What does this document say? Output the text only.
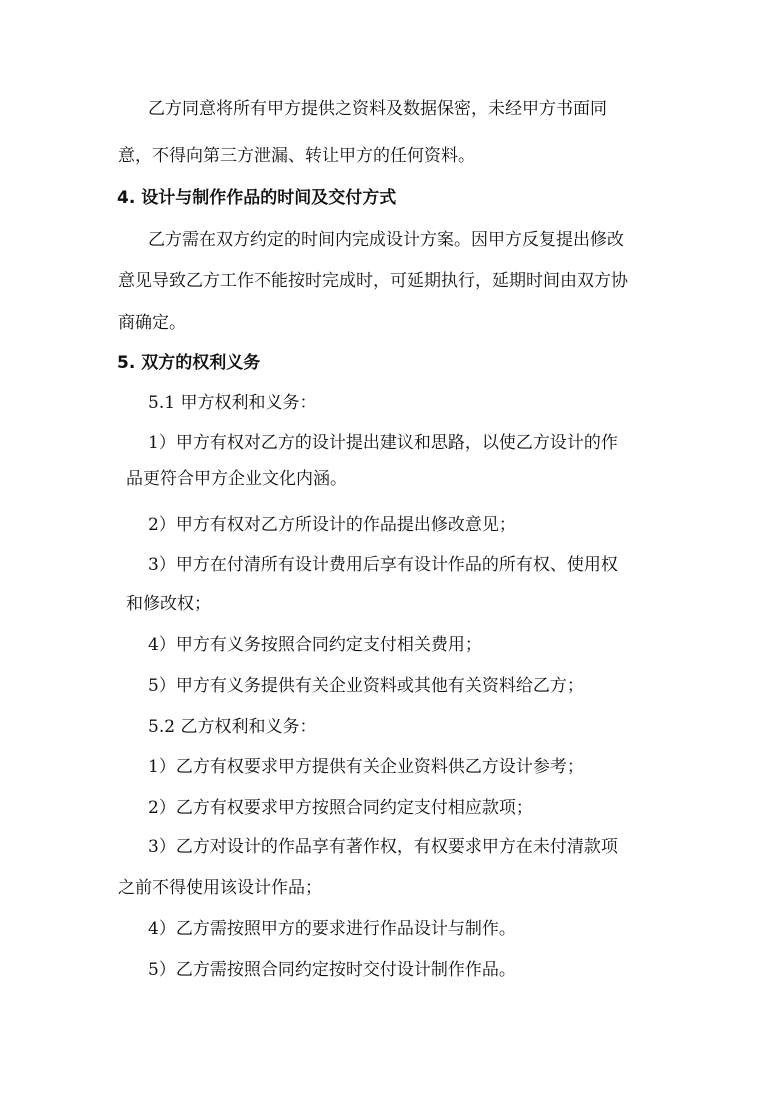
乙方同意将所有甲方提供之资料及数据保密，未经甲方书面同
意，不得向第三方泄漏、转让甲方的任何资料。
4. 设计与制作作品的时间及交付方式
乙方需在双方约定的时间内完成设计方案。因甲方反复提出修改
意见导致乙方工作不能按时完成时，可延期执行，延期时间由双方协
商确定。
5. 双方的权利义务
5.1 甲方权利和义务：
1）甲方有权对乙方的设计提出建议和思路，以使乙方设计的作
品更符合甲方企业文化内涵。
2）甲方有权对乙方所设计的作品提出修改意见；
3）甲方在付清所有设计费用后享有设计作品的所有权、使用权
和修改权；
4）甲方有义务按照合同约定支付相关费用；
5）甲方有义务提供有关企业资料或其他有关资料给乙方；
5.2 乙方权利和义务：
1）乙方有权要求甲方提供有关企业资料供乙方设计参考；
2）乙方有权要求甲方按照合同约定支付相应款项；
3）乙方对设计的作品享有著作权，有权要求甲方在未付清款项
之前不得使用该设计作品；
4）乙方需按照甲方的要求进行作品设计与制作。
5）乙方需按照合同约定按时交付设计制作作品。
